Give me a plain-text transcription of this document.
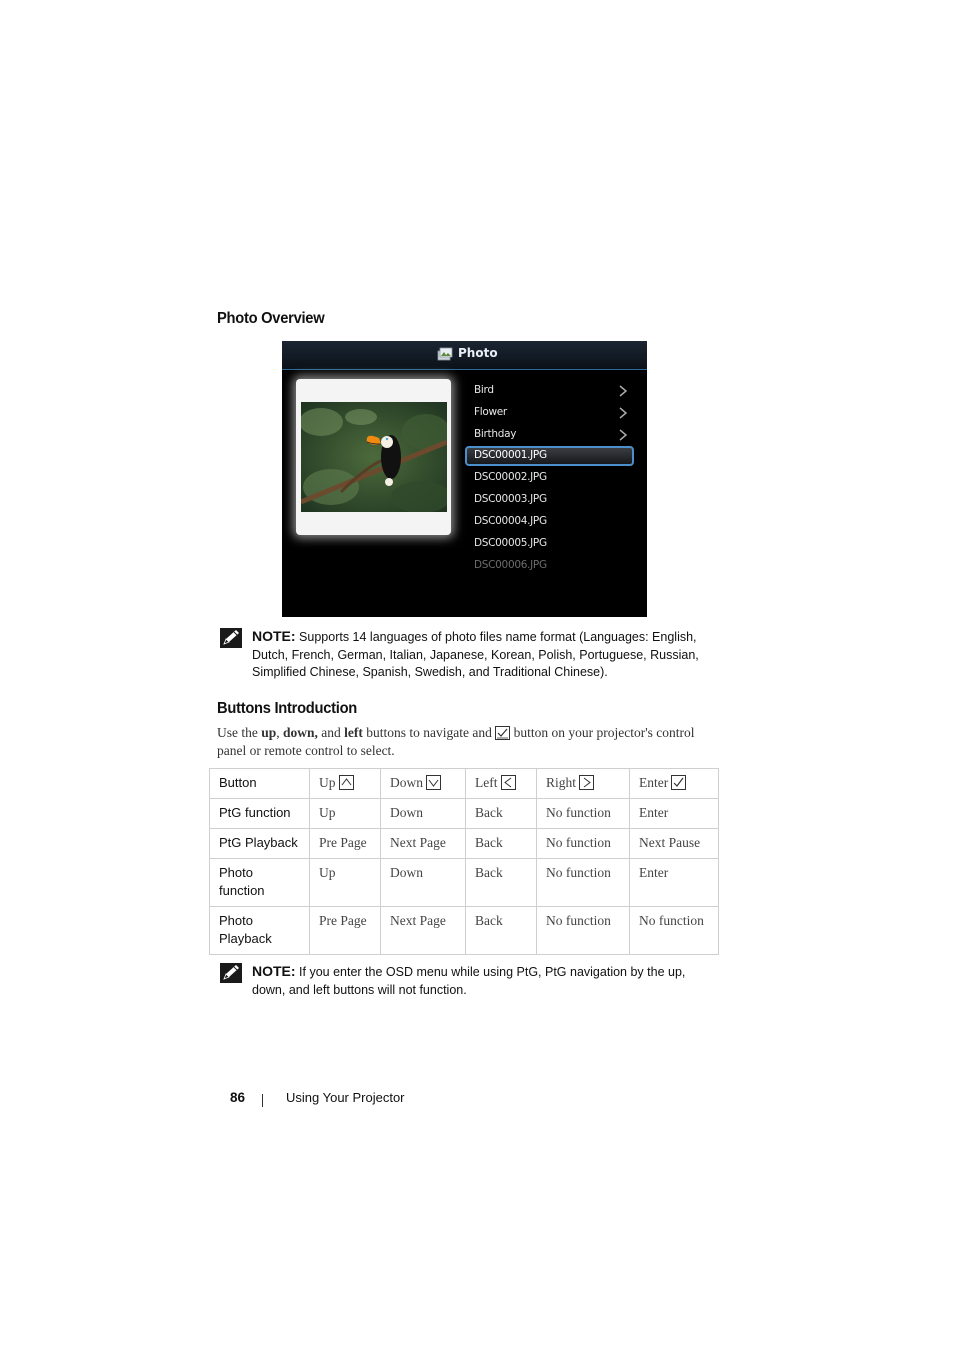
Photo Overview
Photo
Bird
Flower
Birthday
DSC00001.JPG
DSC00002.JPG
DSC00003.JPG
DSC00004.JPG
DSC00005.JPG
DSC00006.JPG
NOTE: Supports 14 languages of photo files name format (Languages: English, Dutch, French, German, Italian, Japanese, Korean, Polish, Portuguese, Russian, Simplified Chinese, Spanish, Swedish, and Traditional Chinese).
Buttons Introduction
Use the up, down, and left buttons to navigate and  button on your projector's control panel or remote control to select.
Button	Up	Down	Left	Right	Enter
PtG function	Up	Down	Back	No function	Enter
PtG Playback	Pre Page	Next Page	Back	No function	Next Pause
Photo function	Up	Down	Back	No function	Enter
Photo Playback	Pre Page	Next Page	Back	No function	No function
NOTE: If you enter the OSD menu while using PtG, PtG navigation by the up, down, and left buttons will not function.
86	Using Your Projector
